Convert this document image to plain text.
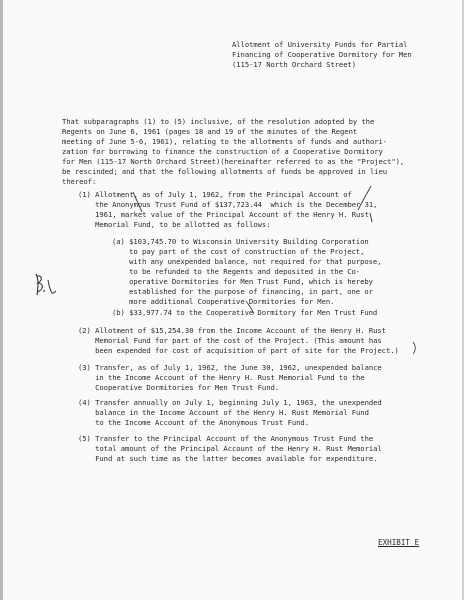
Allotment of University Funds for Partial
Financing of Cooperative Dormitory for Men
(115-17 North Orchard Street)
That subparagraphs (1) to (5) inclusive, of the resolution adopted by the
Regents on June 6, 1961 (pages 18 and 19 of the minutes of the Regent
meeting of June 5-6, 1961), relating to the allotments of funds and authori-
zation for borrowing to finance the construction of a Cooperative Dormitory
for Men (115-17 North Orchard Street)(hereinafter referred to as the "Project"),
be rescinded; and that the following allotments of funds be approved in lieu
thereof:
(1) Allotment, as of July 1, 1962, from the Principal Account of
the Anonymous Trust Fund of $137,723.44  which is the December 31,
1961, market value of the Principal Account of the Henry H. Rust
Memorial Fund, to be allotted as follows:
(a) $103,745.70 to Wisconsin University Building Corporation
to pay part of the cost of construction of the Project,
with any unexpended balance, not required for that purpose,
to be refunded to the Regents and deposited in the Co-
operative Dormitories for Men Trust Fund, which is hereby
established for the purpose of financing, in part, one or
more additional Cooperative Dormitories for Men.
(b) $33,977.74 to the Cooperative Dormitory for Men Trust Fund
(2) Allotment of $15,254.30 from the Income Account of the Henry H. Rust
Memorial Fund for part of the cost of the Project. (This amount has
been expended for cost of acquisition of part of site for the Project.)
(3) Transfer, as of July 1, 1962, the June 30, 1962, unexpended balance
in the Income Account of the Henry H. Rust Memorial Fund to the
Cooperative Dormitories for Men Trust Fund.
(4) Transfer annually on July 1, beginning July 1, 1963, the unexpended
balance in the Income Account of the Henry H. Rust Memorial Fund
to the Income Account of the Anonymous Trust Fund.
(5) Transfer to the Principal Account of the Anonymous Trust Fund the
total amount of the Principal Account of the Henry H. Rust Memorial
Fund at such time as the latter becomes available for expenditure.
EXHIBIT E
